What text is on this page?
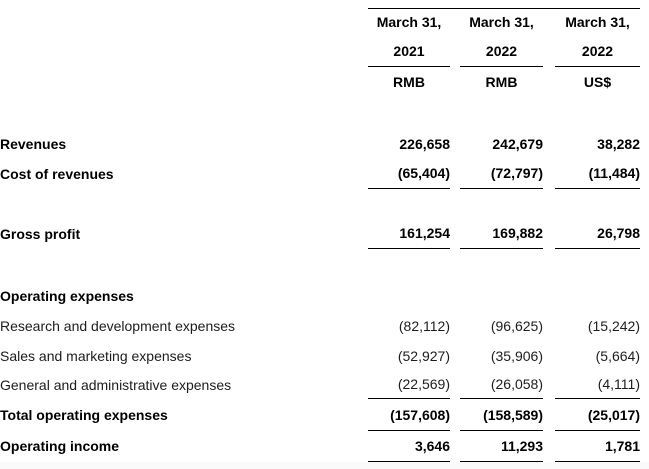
	March 31,		March 31,		March 31,	
	2021		2022		2022	
	RMB		RMB		US$	

Revenues	226,658		242,679		38,282	
Cost of revenues	(65,404)		(72,797)		(11,484)	

Gross profit	161,254		169,882		26,798	

Operating expenses						
Research and development expenses	(82,112)		(96,625)		(15,242)	
Sales and marketing expenses	(52,927)		(35,906)		(5,664)	
General and administrative expenses	(22,569)		(26,058)		(4,111)	
Total operating expenses	(157,608)		(158,589)		(25,017)	
Operating income	3,646		11,293		1,781	
